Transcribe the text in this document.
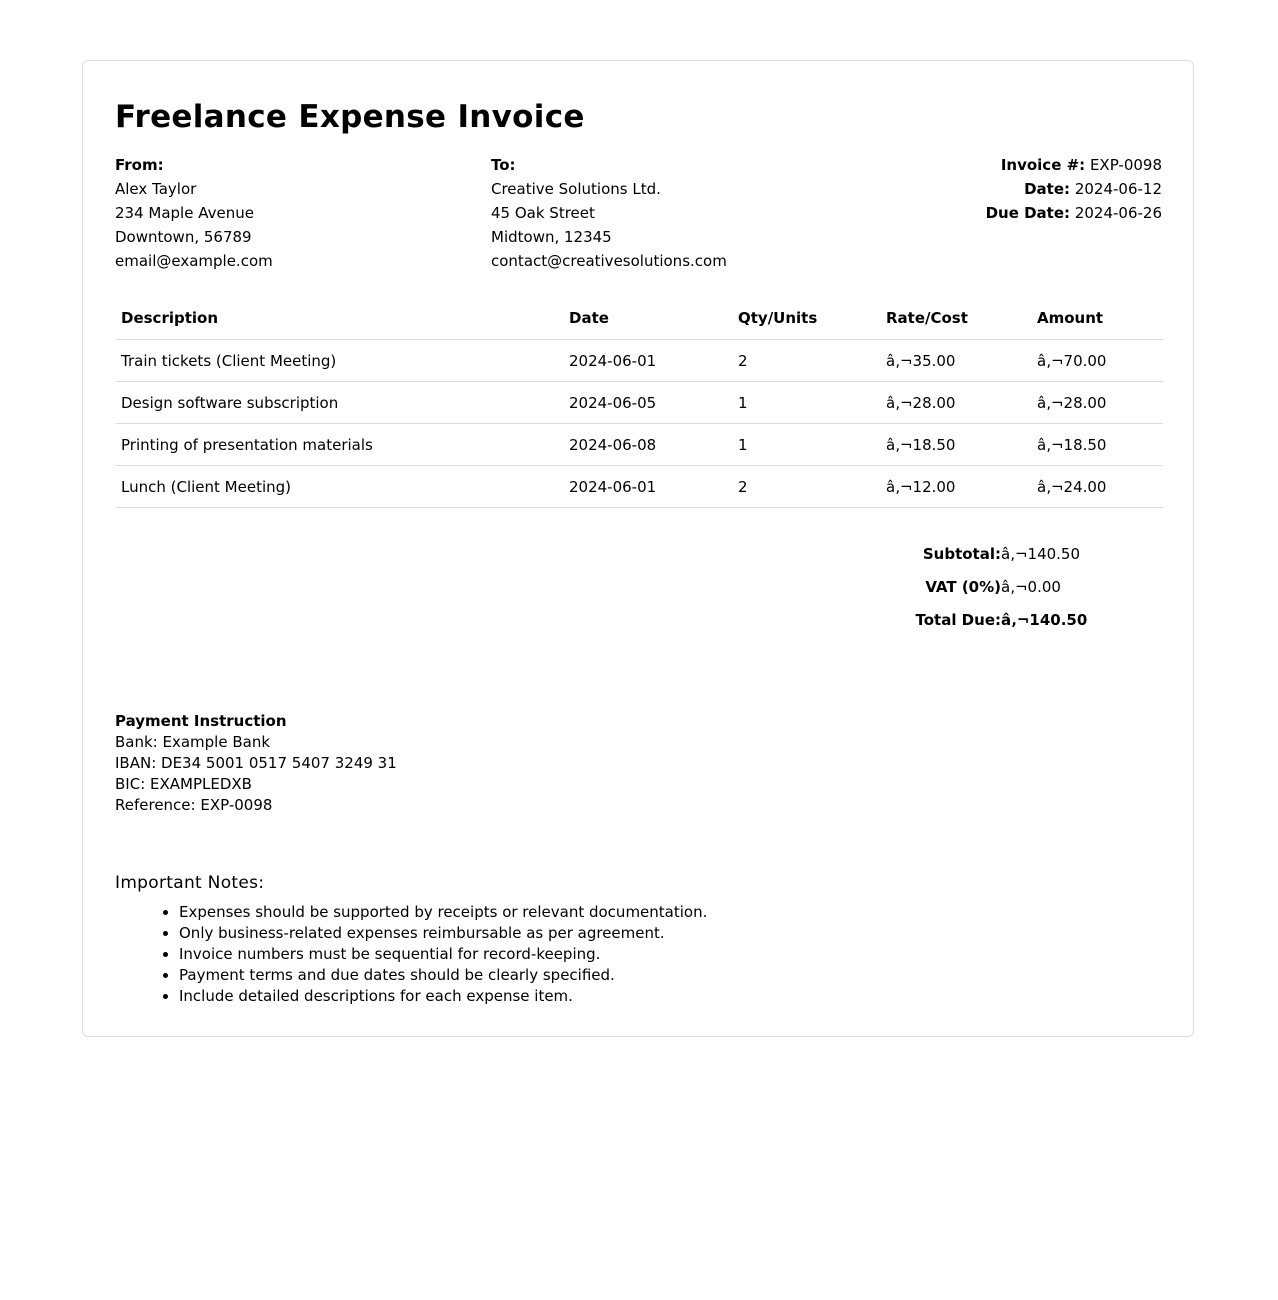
Freelance Expense Invoice
From:
Alex Taylor
234 Maple Avenue
Downtown, 56789
email@example.com
To:
Creative Solutions Ltd.
45 Oak Street
Midtown, 12345
contact@creativesolutions.com
Invoice #: EXP-0098
Date: 2024-06-12
Due Date: 2024-06-26
Description	Date	Qty/Units	Rate/Cost	Amount
Train tickets (Client Meeting)	2024-06-01	2	â‚¬35.00	â‚¬70.00
Design software subscription	2024-06-05	1	â‚¬28.00	â‚¬28.00
Printing of presentation materials	2024-06-08	1	â‚¬18.50	â‚¬18.50
Lunch (Client Meeting)	2024-06-01	2	â‚¬12.00	â‚¬24.00
Subtotal:	â‚¬140.50
VAT (0%)	â‚¬0.00
Total Due:	â‚¬140.50
Payment Instruction
Bank: Example Bank
IBAN: DE34 5001 0517 5407 3249 31
BIC: EXAMPLEDXB
Reference: EXP-0098
Important Notes:
• Expenses should be supported by receipts or relevant documentation.
• Only business-related expenses reimbursable as per agreement.
• Invoice numbers must be sequential for record-keeping.
• Payment terms and due dates should be clearly specified.
• Include detailed descriptions for each expense item.
